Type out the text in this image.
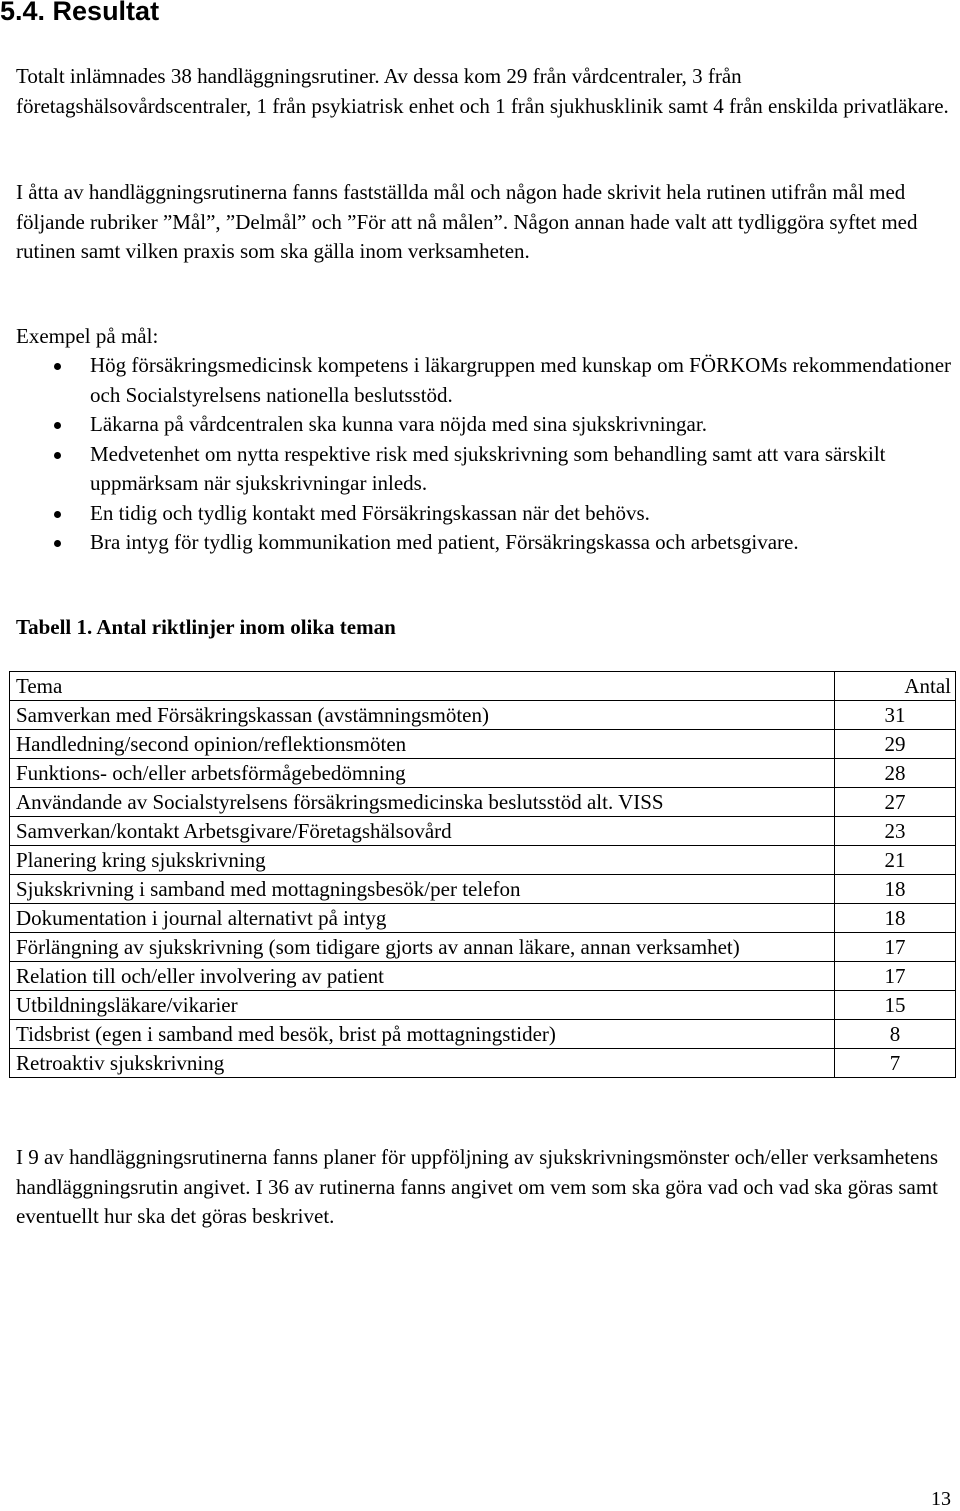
5.4. Resultat

Totalt inlämnades 38 handläggningsrutiner. Av dessa kom 29 från vårdcentraler, 3 från företagshälsovårdscentraler, 1 från psykiatrisk enhet och 1 från sjukhusklinik samt 4 från enskilda privatläkare.

I åtta av handläggningsrutinerna fanns fastställda mål och någon hade skrivit hela rutinen utifrån mål med följande rubriker ”Mål”, ”Delmål” och ”För att nå målen”. Någon annan hade valt att tydliggöra syftet med rutinen samt vilken praxis som ska gälla inom verksamheten.

Exempel på mål:

Hög försäkringsmedicinsk kompetens i läkargruppen med kunskap om FÖRKOMs rekommendationer och Socialstyrelsens nationella beslutsstöd.
Läkarna på vårdcentralen ska kunna vara nöjda med sina sjukskrivningar.
Medvetenhet om nytta respektive risk med sjukskrivning som behandling samt att vara särskilt uppmärksam när sjukskrivningar inleds.
En tidig och tydlig kontakt med Försäkringskassan när det behövs.
Bra intyg för tydlig kommunikation med patient, Försäkringskassa och arbetsgivare.

Tabell 1. Antal riktlinjer inom olika teman

Tema	Antal
Samverkan med Försäkringskassan (avstämningsmöten)	31
Handledning/second opinion/reflektionsmöten	29
Funktions- och/eller arbetsförmågebedömning	28
Användande av Socialstyrelsens försäkringsmedicinska beslutsstöd alt. VISS	27
Samverkan/kontakt Arbetsgivare/Företagshälsovård	23
Planering kring sjukskrivning	21
Sjukskrivning i samband med mottagningsbesök/per telefon	18
Dokumentation i journal alternativt på intyg	18
Förlängning av sjukskrivning (som tidigare gjorts av annan läkare, annan verksamhet)	17
Relation till och/eller involvering av patient	17
Utbildningsläkare/vikarier	15
Tidsbrist (egen i samband med besök, brist på mottagningstider)	8
Retroaktiv sjukskrivning	7

I 9 av handläggningsrutinerna fanns planer för uppföljning av sjukskrivningsmönster och/eller verksamhetens handläggningsrutin angivet. I 36 av rutinerna fanns angivet om vem som ska göra vad och vad ska göras samt eventuellt hur ska det göras beskrivet.

13
